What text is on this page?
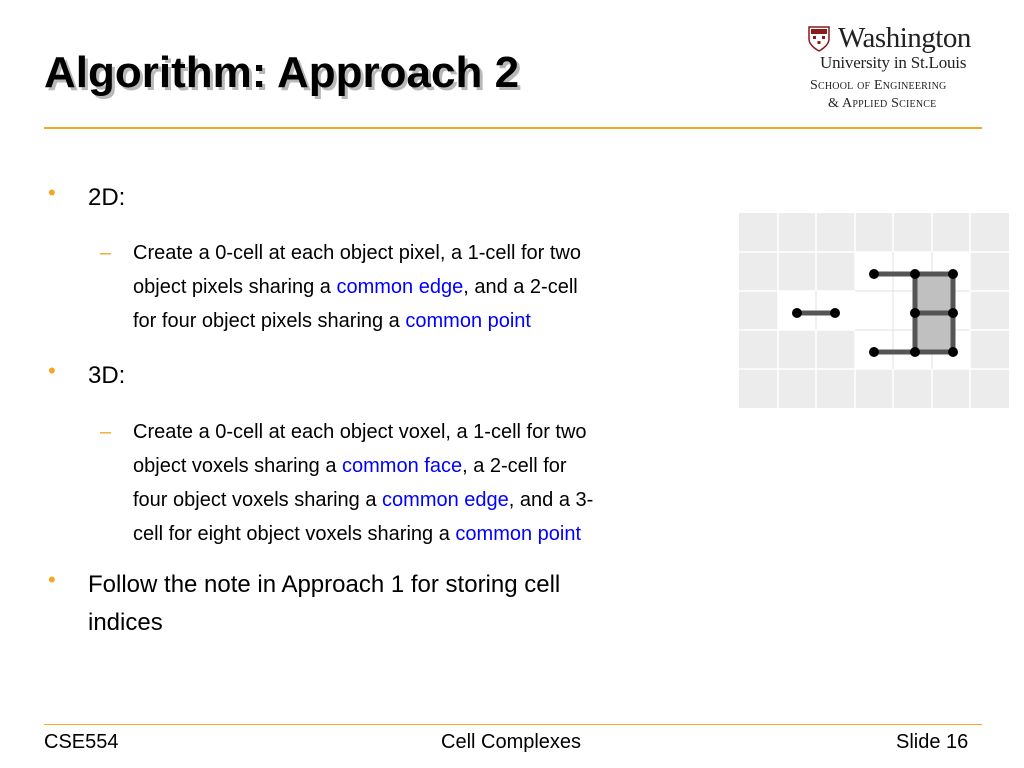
Algorithm: Approach 2
Washington
University in St.Louis
School of Engineering
& Applied Science
• 2D:
– Create a 0-cell at each object pixel, a 1-cell for two
object pixels sharing a common edge, and a 2-cell
for four object pixels sharing a common point
• 3D:
– Create a 0-cell at each object voxel, a 1-cell for two
object voxels sharing a common face, a 2-cell for
four object voxels sharing a common edge, and a 3-
cell for eight object voxels sharing a common point
• Follow the note in Approach 1 for storing cell
indices
CSE554	Cell Complexes	Slide 16
